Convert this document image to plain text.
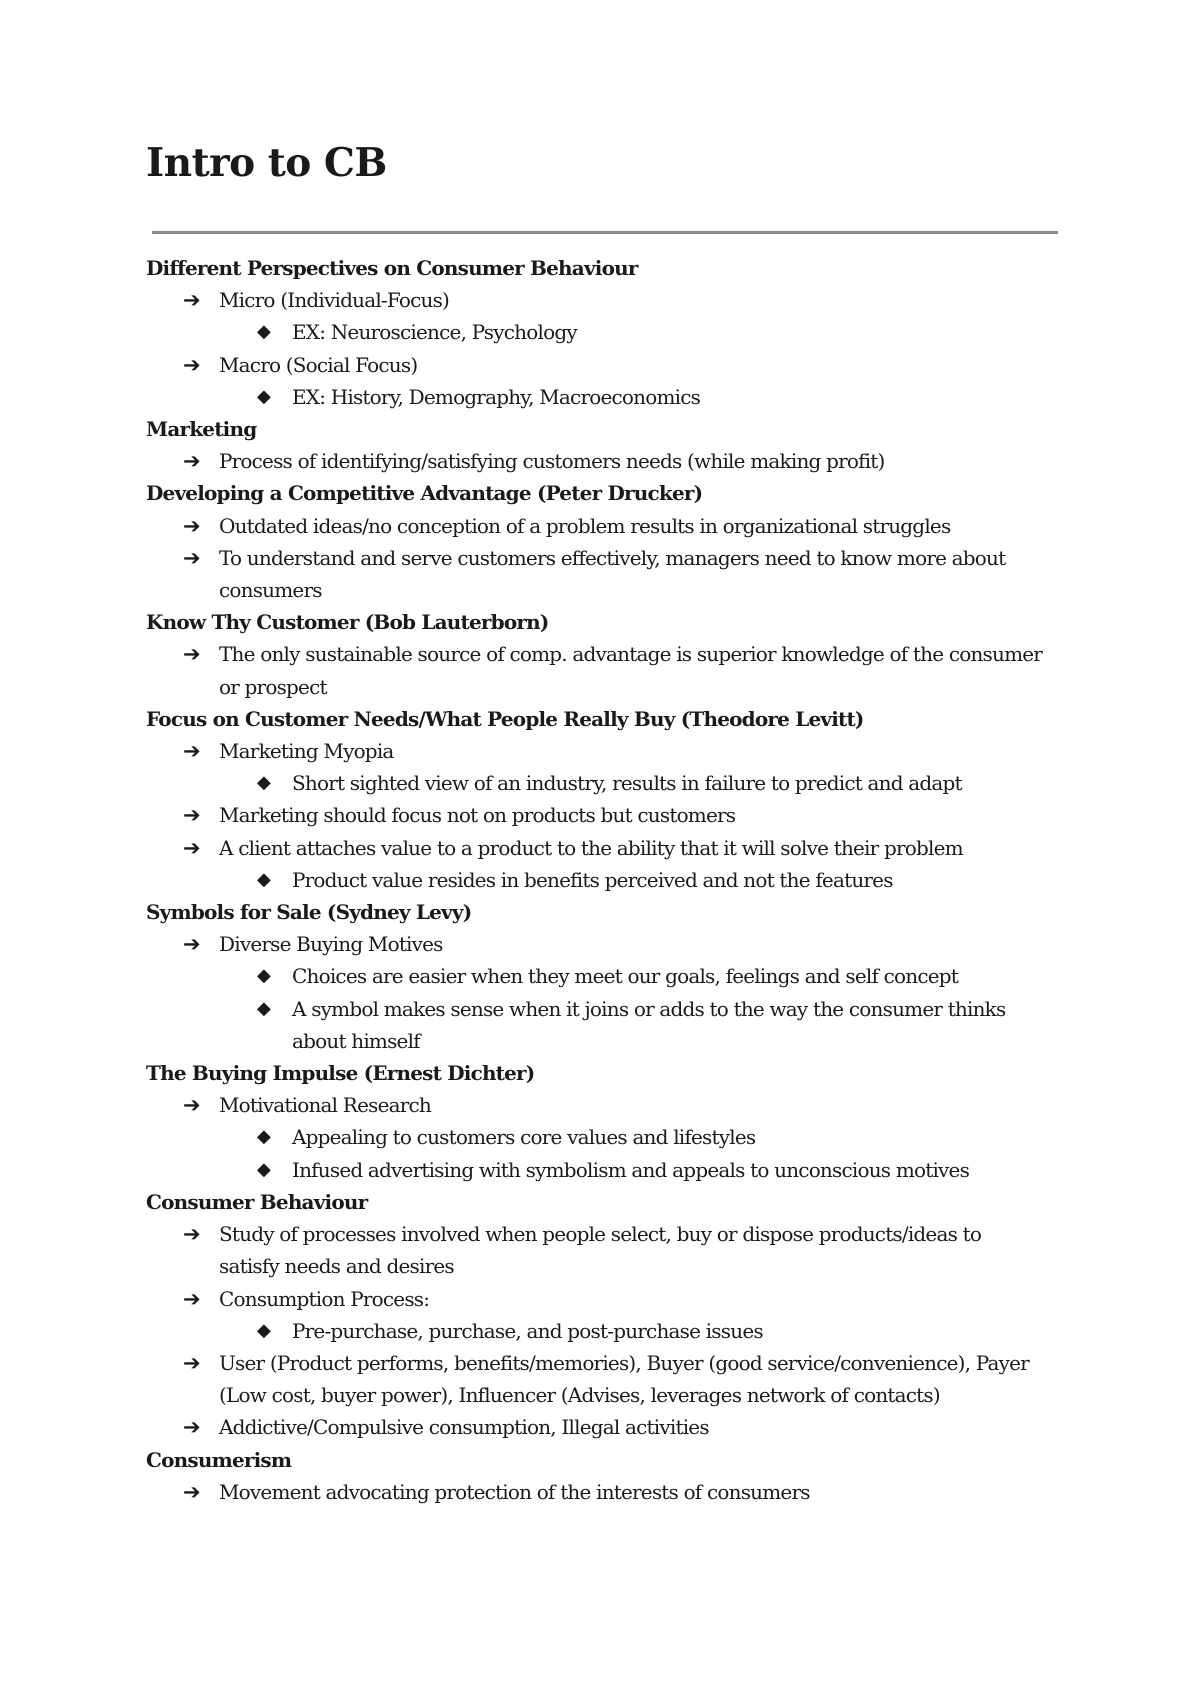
Intro to CB
Different Perspectives on Consumer Behaviour
➔ Micro (Individual-Focus)
◆ EX: Neuroscience, Psychology
➔ Macro (Social Focus)
◆ EX: History, Demography, Macroeconomics
Marketing
➔ Process of identifying/satisfying customers needs (while making profit)
Developing a Competitive Advantage (Peter Drucker)
➔ Outdated ideas/no conception of a problem results in organizational struggles
➔ To understand and serve customers effectively, managers need to know more about consumers
Know Thy Customer (Bob Lauterborn)
➔ The only sustainable source of comp. advantage is superior knowledge of the consumer or prospect
Focus on Customer Needs/What People Really Buy (Theodore Levitt)
➔ Marketing Myopia
◆ Short sighted view of an industry, results in failure to predict and adapt
➔ Marketing should focus not on products but customers
➔ A client attaches value to a product to the ability that it will solve their problem
◆ Product value resides in benefits perceived and not the features
Symbols for Sale (Sydney Levy)
➔ Diverse Buying Motives
◆ Choices are easier when they meet our goals, feelings and self concept
◆ A symbol makes sense when it joins or adds to the way the consumer thinks about himself
The Buying Impulse (Ernest Dichter)
➔ Motivational Research
◆ Appealing to customers core values and lifestyles
◆ Infused advertising with symbolism and appeals to unconscious motives
Consumer Behaviour
➔ Study of processes involved when people select, buy or dispose products/ideas to satisfy needs and desires
➔ Consumption Process:
◆ Pre-purchase, purchase, and post-purchase issues
➔ User (Product performs, benefits/memories), Buyer (good service/convenience), Payer (Low cost, buyer power), Influencer (Advises, leverages network of contacts)
➔ Addictive/Compulsive consumption, Illegal activities
Consumerism
➔ Movement advocating protection of the interests of consumers
